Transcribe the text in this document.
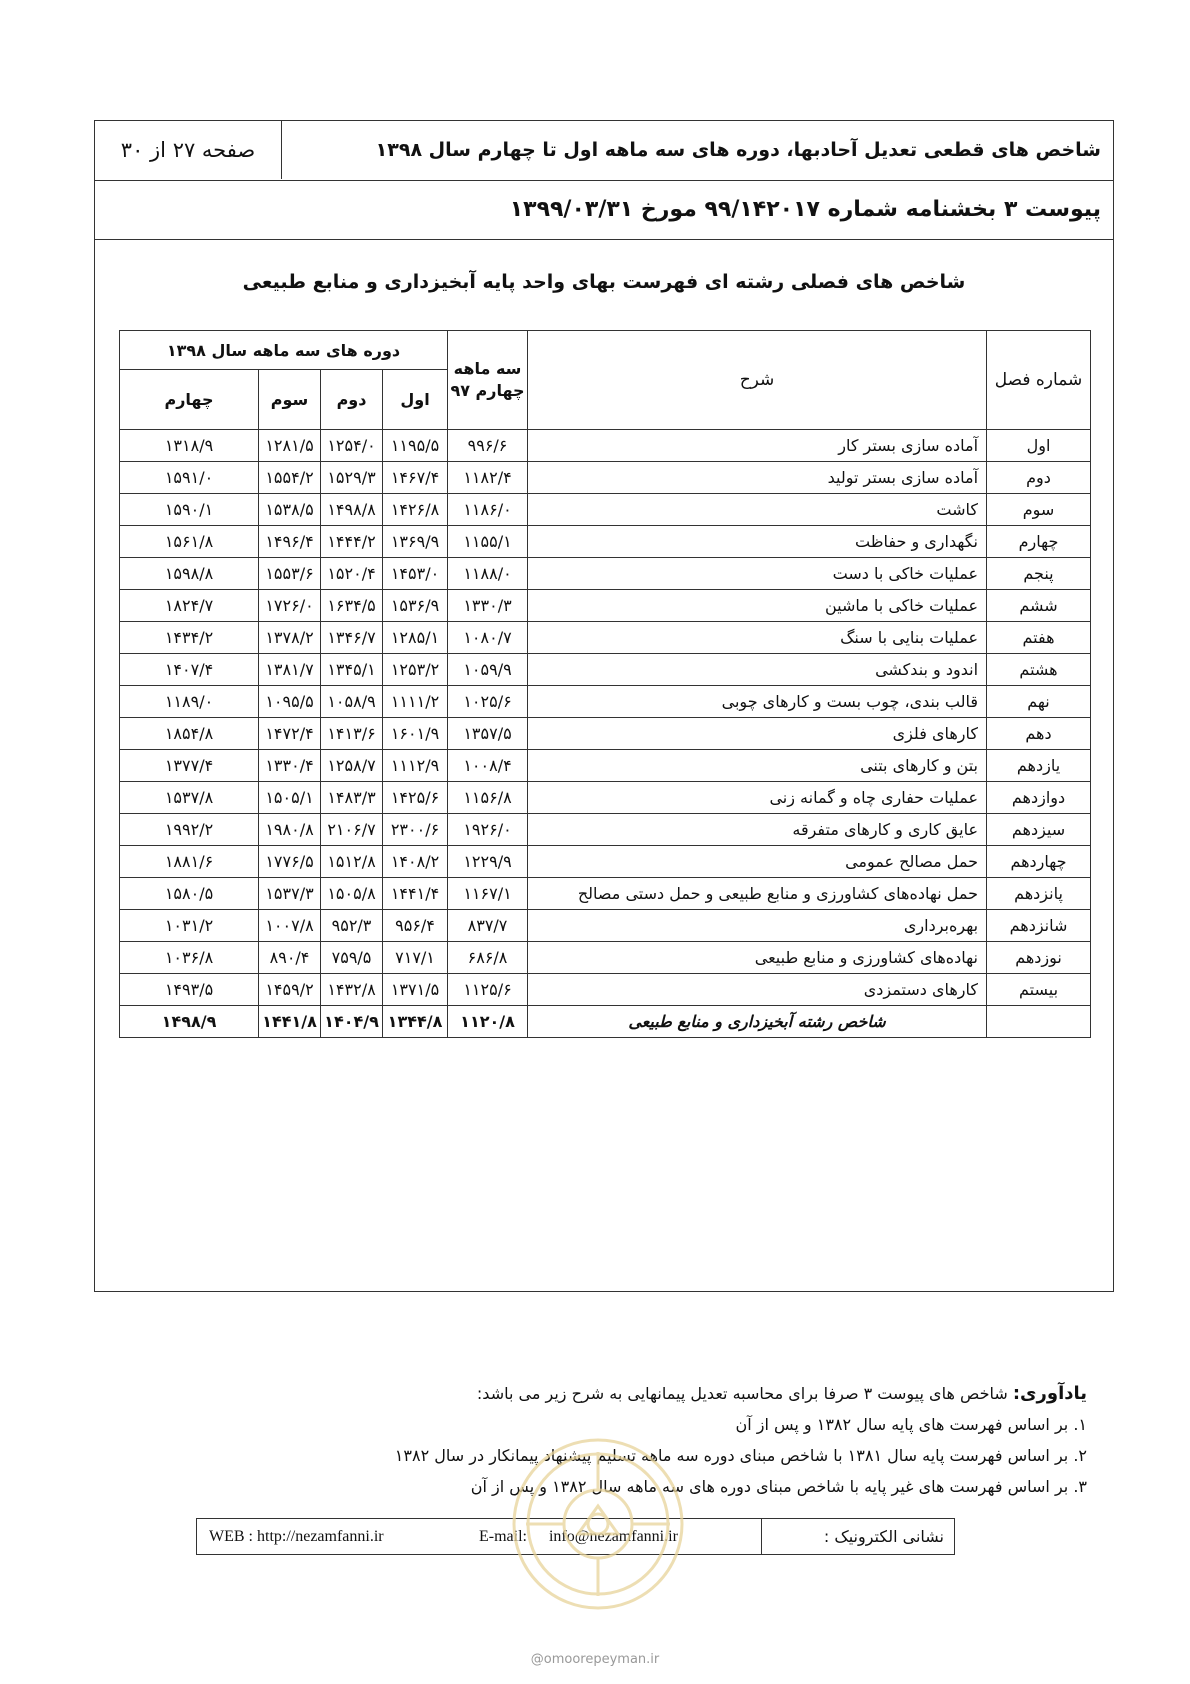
شاخص های قطعی تعدیل آحادبها، دوره های سه ماهه اول تا چهارم سال ۱۳۹۸
صفحه ۲۷ از ۳۰
پیوست ۳ بخشنامه شماره ۹۹/۱۴۲۰۱۷ مورخ ۱۳۹۹/۰۳/۳۱
شاخص های فصلی رشته ای فهرست بهای واحد پایه آبخیزداری و منابع طبیعی
شماره فصل	شرح	سه ماهه چهارم ۹۷	دوره های سه ماهه سال ۱۳۹۸			
			اول	دوم	سوم	چهارم
اول	آماده سازی بستر کار	۹۹۶/۶	۱۱۹۵/۵	۱۲۵۴/۰	۱۲۸۱/۵	۱۳۱۸/۹
دوم	آماده سازی بستر تولید	۱۱۸۲/۴	۱۴۶۷/۴	۱۵۲۹/۳	۱۵۵۴/۲	۱۵۹۱/۰
سوم	کاشت	۱۱۸۶/۰	۱۴۲۶/۸	۱۴۹۸/۸	۱۵۳۸/۵	۱۵۹۰/۱
چهارم	نگهداری و حفاظت	۱۱۵۵/۱	۱۳۶۹/۹	۱۴۴۴/۲	۱۴۹۶/۴	۱۵۶۱/۸
پنجم	عملیات خاکی با دست	۱۱۸۸/۰	۱۴۵۳/۰	۱۵۲۰/۴	۱۵۵۳/۶	۱۵۹۸/۸
ششم	عملیات خاکی با ماشین	۱۳۳۰/۳	۱۵۳۶/۹	۱۶۳۴/۵	۱۷۲۶/۰	۱۸۲۴/۷
هفتم	عملیات بنایی با سنگ	۱۰۸۰/۷	۱۲۸۵/۱	۱۳۴۶/۷	۱۳۷۸/۲	۱۴۳۴/۲
هشتم	اندود و بندکشی	۱۰۵۹/۹	۱۲۵۳/۲	۱۳۴۵/۱	۱۳۸۱/۷	۱۴۰۷/۴
نهم	قالب بندی، چوب بست و کارهای چوبی	۱۰۲۵/۶	۱۱۱۱/۲	۱۰۵۸/۹	۱۰۹۵/۵	۱۱۸۹/۰
دهم	کارهای فلزی	۱۳۵۷/۵	۱۶۰۱/۹	۱۴۱۳/۶	۱۴۷۲/۴	۱۸۵۴/۸
یازدهم	بتن و کارهای بتنی	۱۰۰۸/۴	۱۱۱۲/۹	۱۲۵۸/۷	۱۳۳۰/۴	۱۳۷۷/۴
دوازدهم	عملیات حفاری چاه و گمانه زنی	۱۱۵۶/۸	۱۴۲۵/۶	۱۴۸۳/۳	۱۵۰۵/۱	۱۵۳۷/۸
سیزدهم	عایق کاری و کارهای متفرقه	۱۹۲۶/۰	۲۳۰۰/۶	۲۱۰۶/۷	۱۹۸۰/۸	۱۹۹۲/۲
چهاردهم	حمل مصالح عمومی	۱۲۲۹/۹	۱۴۰۸/۲	۱۵۱۲/۸	۱۷۷۶/۵	۱۸۸۱/۶
پانزدهم	حمل نهاده‌های کشاورزی و منابع طبیعی و حمل دستی مصالح	۱۱۶۷/۱	۱۴۴۱/۴	۱۵۰۵/۸	۱۵۳۷/۳	۱۵۸۰/۵
شانزدهم	بهره‌برداری	۸۳۷/۷	۹۵۶/۴	۹۵۲/۳	۱۰۰۷/۸	۱۰۳۱/۲
نوزدهم	نهاده‌های کشاورزی و منابع طبیعی	۶۸۶/۸	۷۱۷/۱	۷۵۹/۵	۸۹۰/۴	۱۰۳۶/۸
بیستم	کارهای دستمزدی	۱۱۲۵/۶	۱۳۷۱/۵	۱۴۳۲/۸	۱۴۵۹/۲	۱۴۹۳/۵
	شاخص رشته آبخیزداری و منابع طبیعی	۱۱۲۰/۸	۱۳۴۴/۸	۱۴۰۴/۹	۱۴۴۱/۸	۱۴۹۸/۹
یادآوری: شاخص های پیوست ۳ صرفا برای محاسبه تعدیل پیمانهایی به شرح زیر می باشد:
۱. بر اساس فهرست های پایه سال ۱۳۸۲ و پس از آن
۲. بر اساس فهرست پایه سال ۱۳۸۱ با شاخص مبنای دوره سه ماهه تسلیم پیشنهاد پیمانکار در سال ۱۳۸۲
۳. بر اساس فهرست های غیر پایه با شاخص مبنای دوره های سه ماهه سال ۱۳۸۲ و پس از آن
نشانی الکترونیک :
E-mail: info@nezamfanni.ir
WEB : http://nezamfanni.ir
@omoorepeyman.ir
